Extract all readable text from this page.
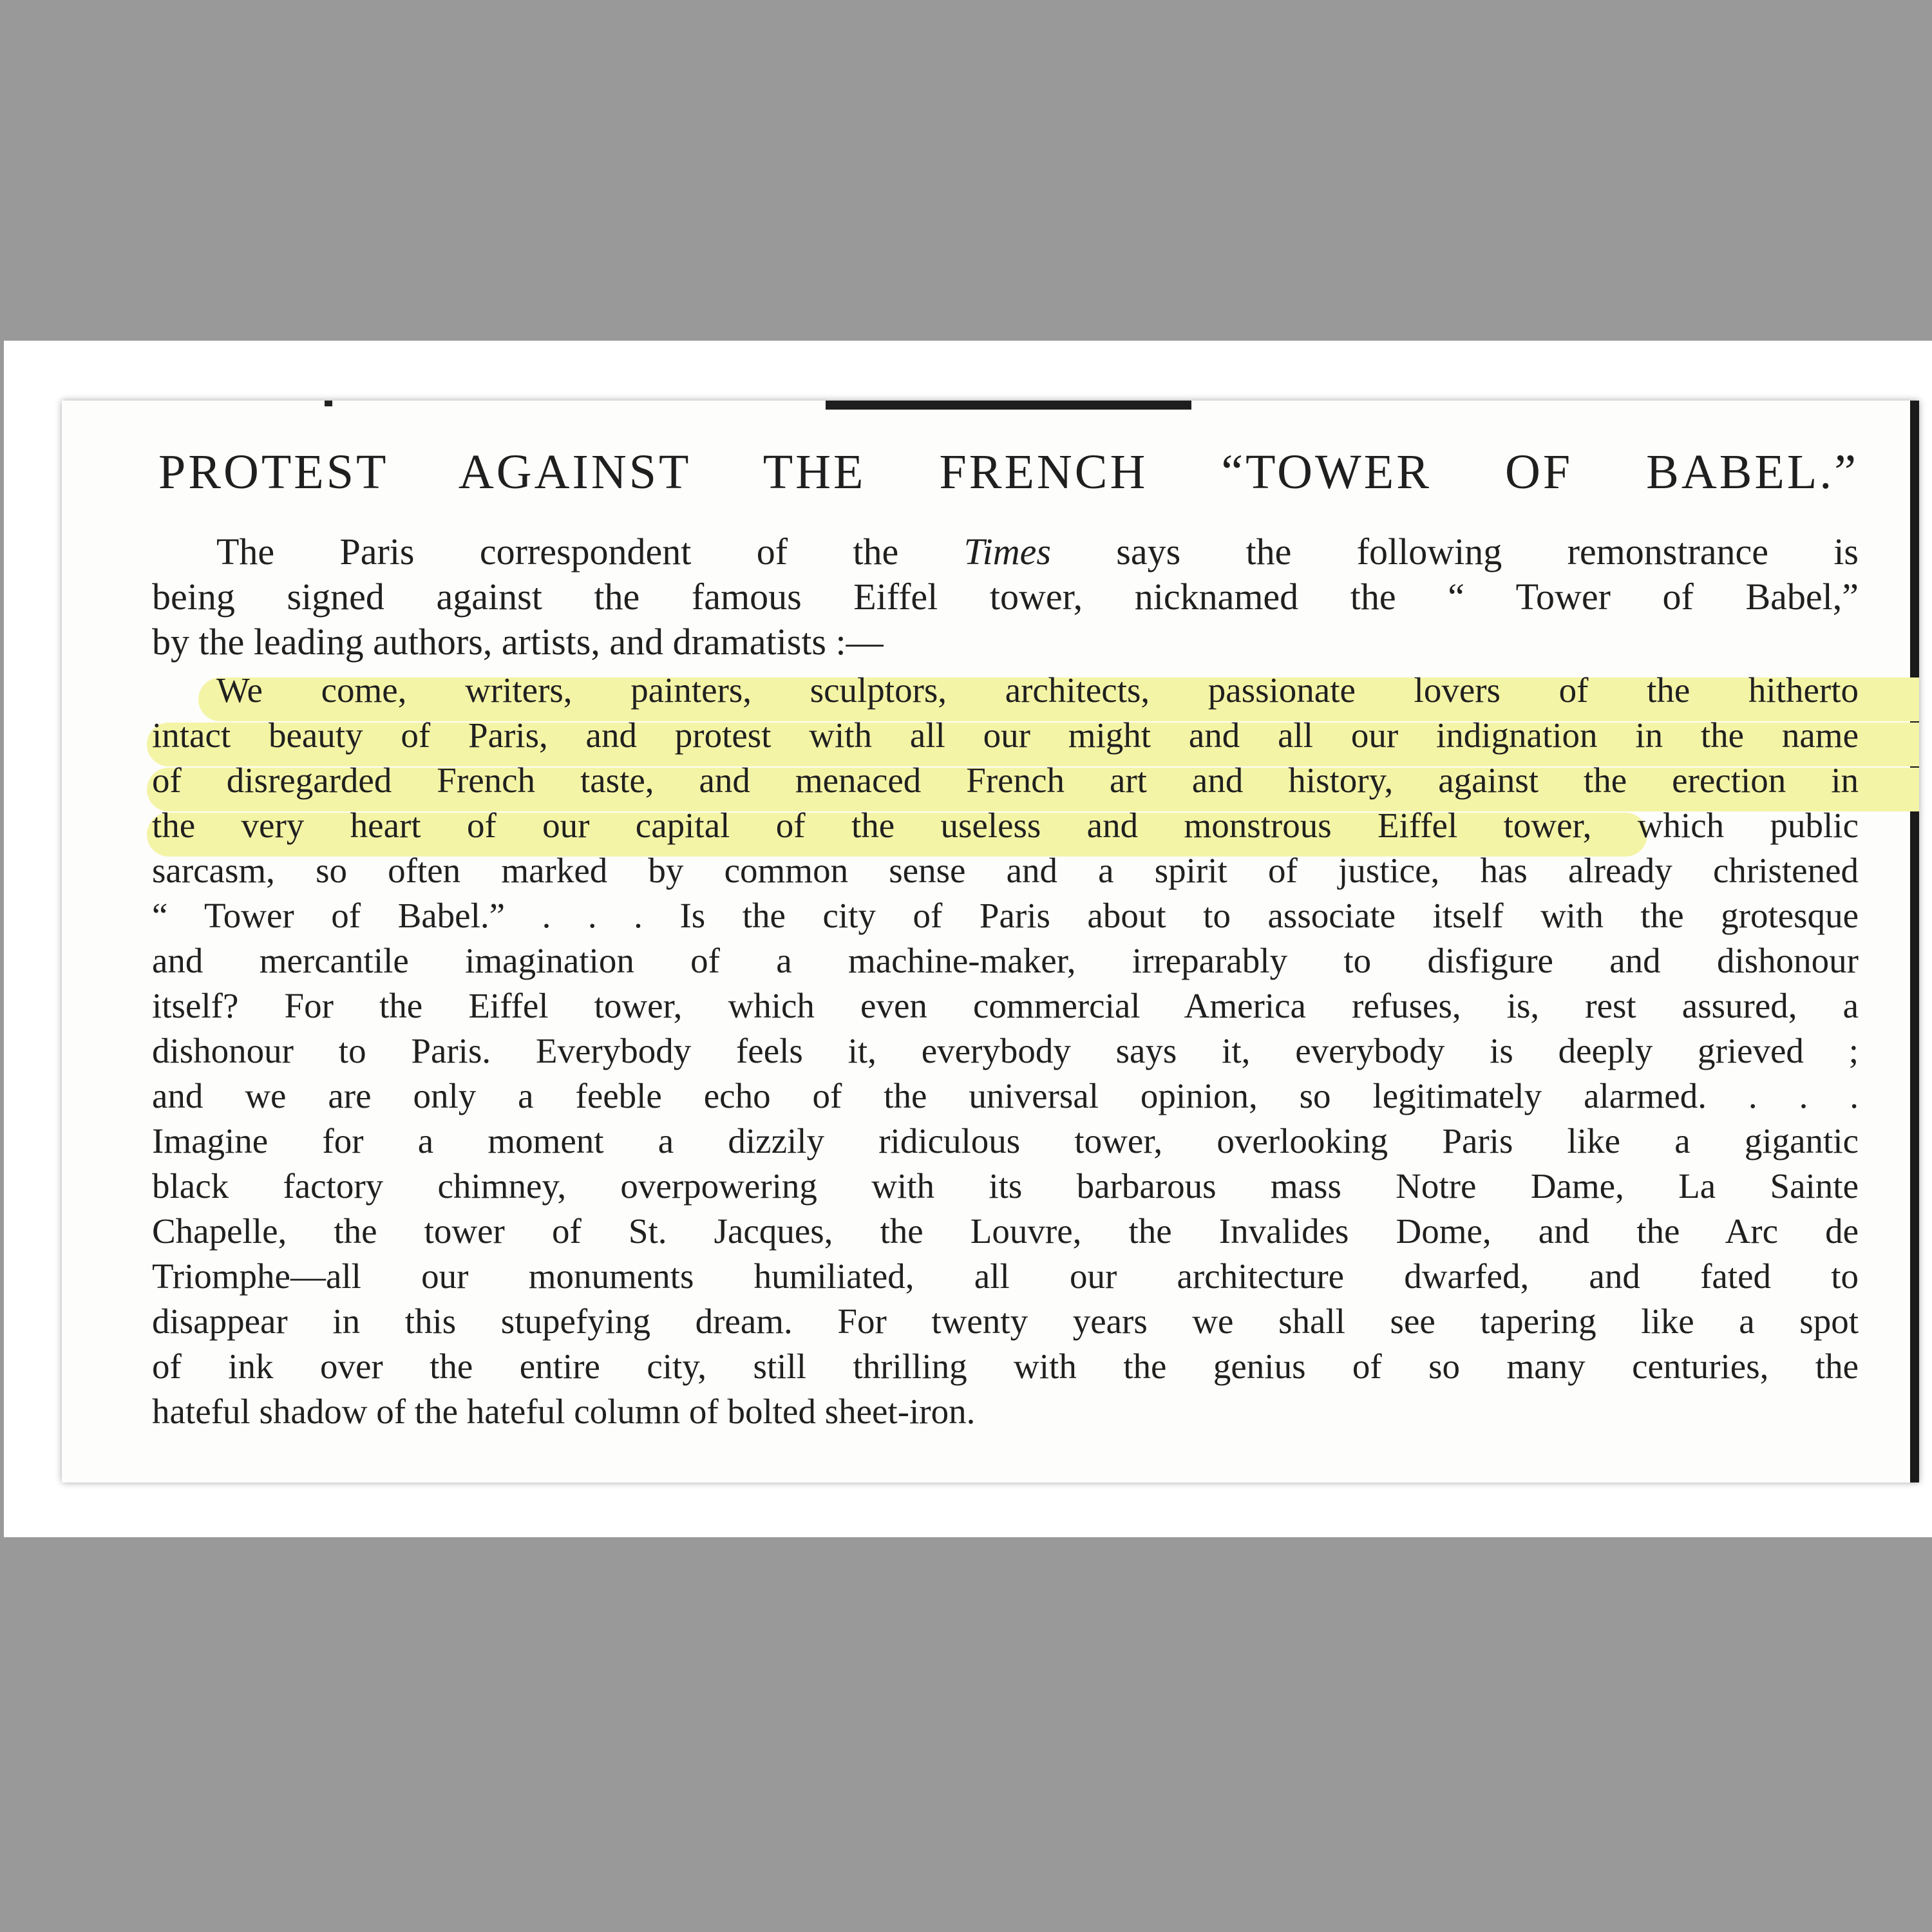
PROTEST AGAINST THE FRENCH “TOWER OF BABEL.”
The Paris correspondent of the Times says the following remonstrance is
being signed against the famous Eiffel tower, nicknamed the “ Tower of Babel,”
by the leading authors, artists, and dramatists :—
We come, writers, painters, sculptors, architects, passionate lovers of the hitherto
intact beauty of Paris, and protest with all our might and all our indignation in the name
of disregarded French taste, and menaced French art and history, against the erection in
the very heart of our capital of the useless and monstrous Eiffel tower, which public
sarcasm, so often marked by common sense and a spirit of justice, has already christened
“ Tower of Babel.” . . . Is the city of Paris about to associate itself with the grotesque
and mercantile imagination of a machine-maker, irreparably to disfigure and dishonour
itself? For the Eiffel tower, which even commercial America refuses, is, rest assured, a
dishonour to Paris. Everybody feels it, everybody says it, everybody is deeply grieved ;
and we are only a feeble echo of the universal opinion, so legitimately alarmed. . . .
Imagine for a moment a dizzily ridiculous tower, overlooking Paris like a gigantic
black factory chimney, overpowering with its barbarous mass Notre Dame, La Sainte
Chapelle, the tower of St. Jacques, the Louvre, the Invalides Dome, and the Arc de
Triomphe—all our monuments humiliated, all our architecture dwarfed, and fated to
disappear in this stupefying dream. For twenty years we shall see tapering like a spot
of ink over the entire city, still thrilling with the genius of so many centuries, the
hateful shadow of the hateful column of bolted sheet-iron.
